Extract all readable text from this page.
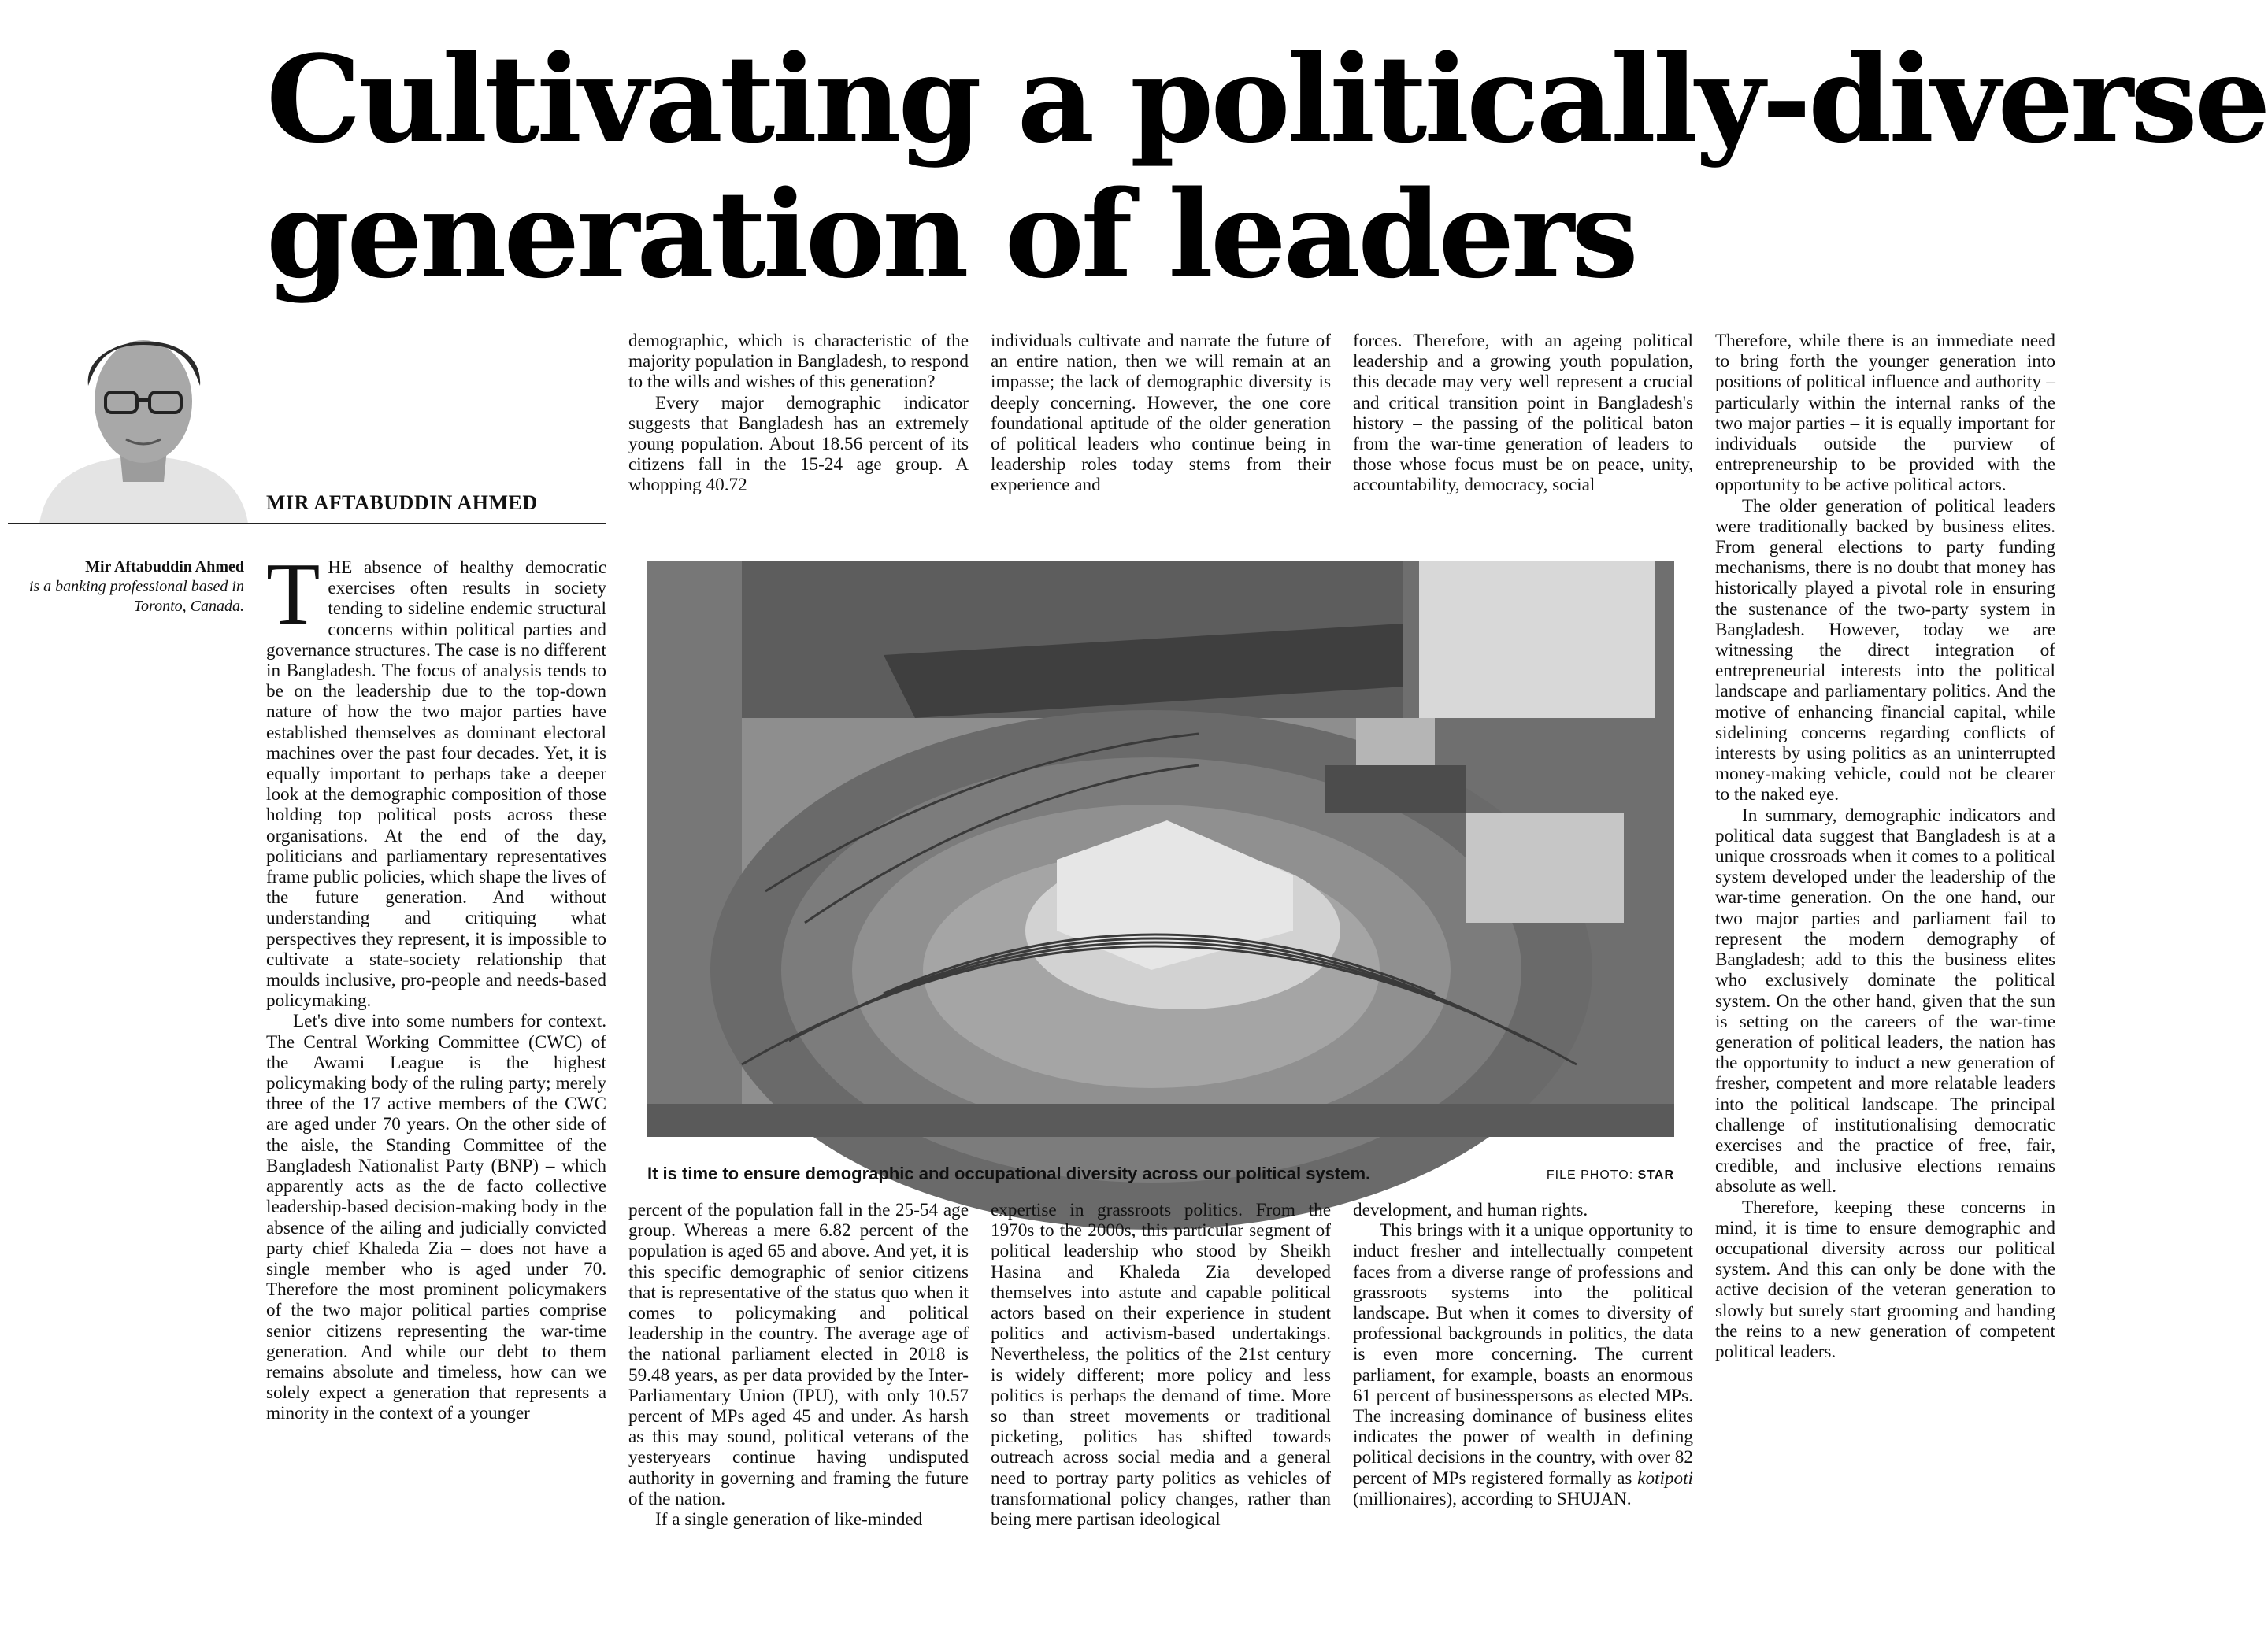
Cultivating a politically-diverse
generation of leaders
MIR AFTABUDDIN AHMED
Mir Aftabuddin Ahmed
is a banking professional based in Toronto, Canada. THE absence of healthy democratic exercises often results in society tending to sideline endemic structural concerns within political parties and governance structures. The case is no different in Bangladesh. The focus of analysis tends to be on the leadership due to the top-down nature of how the two major parties have established themselves as dominant electoral machines over the past four decades. Yet, it is equally important to perhaps take a deeper look at the demographic composition of those holding top political posts across these organisations. At the end of the day, politicians and parliamentary representatives frame public policies, which shape the lives of the future generation. And without understanding and critiquing what perspectives they represent, it is impossible to cultivate a state-society relationship that moulds inclusive, pro-people and needs-based policymaking.

Let's dive into some numbers for context. The Central Working Committee (CWC) of the Awami League is the highest policymaking body of the ruling party; merely three of the 17 active members of the CWC are aged under 70 years. On the other side of the aisle, the Standing Committee of the Bangladesh Nationalist Party (BNP) – which apparently acts as the de facto collective leadership-based decision-making body in the absence of the ailing and judicially convicted party chief Khaleda Zia – does not have a single member who is aged under 70. Therefore the most prominent policymakers of the two major political parties comprise senior citizens representing the war-time generation. And while our debt to them remains absolute and timeless, how can we solely expect a generation that represents a minority in the context of a younger

demographic, which is characteristic of the majority population in Bangladesh, to respond to the wills and wishes of this generation?

Every major demographic indicator suggests that Bangladesh has an extremely young population. About 18.56 percent of its citizens fall in the 15-24 age group. A whopping 40.72

individuals cultivate and narrate the future of an entire nation, then we will remain at an impasse; the lack of demographic diversity is deeply concerning. However, the one core foundational aptitude of the older generation of political leaders who continue being in leadership roles today stems from their experience and

forces. Therefore, with an ageing political leadership and a growing youth population, this decade may very well represent a crucial and critical transition point in Bangladesh's history – the passing of the political baton from the war-time generation of leaders to those whose focus must be on peace, unity, accountability, democracy, social

Therefore, while there is an immediate need to bring forth the younger generation into positions of political influence and authority – particularly within the internal ranks of the two major parties – it is equally important for individuals outside the purview of entrepreneurship to be provided with the opportunity to be active political actors.

The older generation of political leaders were traditionally backed by business elites. From general elections to party funding mechanisms, there is no doubt that money has historically played a pivotal role in ensuring the sustenance of the two-party system in Bangladesh. However, today we are witnessing the direct integration of entrepreneurial interests into the political landscape and parliamentary politics. And the motive of enhancing financial capital, while sidelining concerns regarding conflicts of interests by using politics as an uninterrupted money-making vehicle, could not be clearer to the naked eye.

In summary, demographic indicators and political data suggest that Bangladesh is at a unique crossroads when it comes to a political system developed under the leadership of the war-time generation. On the one hand, our two major parties and parliament fail to represent the modern demography of Bangladesh; add to this the business elites who exclusively dominate the political system. On the other hand, given that the sun is setting on the careers of the war-time generation of political leaders, the nation has the opportunity to induct a new generation of fresher, competent and more relatable leaders into the political landscape. The principal challenge of institutionalising democratic exercises and the practice of free, fair, credible, and inclusive elections remains absolute as well.

Therefore, keeping these concerns in mind, it is time to ensure demographic and occupational diversity across our political system. And this can only be done with the active decision of the veteran generation to slowly but surely start grooming and handing the reins to a new generation of competent political leaders.

It is time to ensure demographic and occupational diversity across our political system.	FILE PHOTO: STAR

percent of the population fall in the 25-54 age group. Whereas a mere 6.82 percent of the population is aged 65 and above. And yet, it is this specific demographic of senior citizens that is representative of the status quo when it comes to policymaking and political leadership in the country. The average age of the national parliament elected in 2018 is 59.48 years, as per data provided by the Inter-Parliamentary Union (IPU), with only 10.57 percent of MPs aged 45 and under. As harsh as this may sound, political veterans of the yesteryears continue having undisputed authority in governing and framing the future of the nation.

If a single generation of like-minded

expertise in grassroots politics. From the 1970s to the 2000s, this particular segment of political leadership who stood by Sheikh Hasina and Khaleda Zia developed themselves into astute and capable political actors based on their experience in student politics and activism-based undertakings. Nevertheless, the politics of the 21st century is widely different; more policy and less politics is perhaps the demand of time. More so than street movements or traditional picketing, politics has shifted towards outreach across social media and a general need to portray party politics as vehicles of transformational policy changes, rather than being mere partisan ideological

development, and human rights.

This brings with it a unique opportunity to induct fresher and intellectually competent faces from a diverse range of professions and grassroots systems into the political landscape. But when it comes to diversity of professional backgrounds in politics, the data is even more concerning. The current parliament, for example, boasts an enormous 61 percent of businesspersons as elected MPs. The increasing dominance of business elites indicates the power of wealth in defining political decisions in the country, with over 82 percent of MPs registered formally as kotipoti (millionaires), according to SHUJAN.
